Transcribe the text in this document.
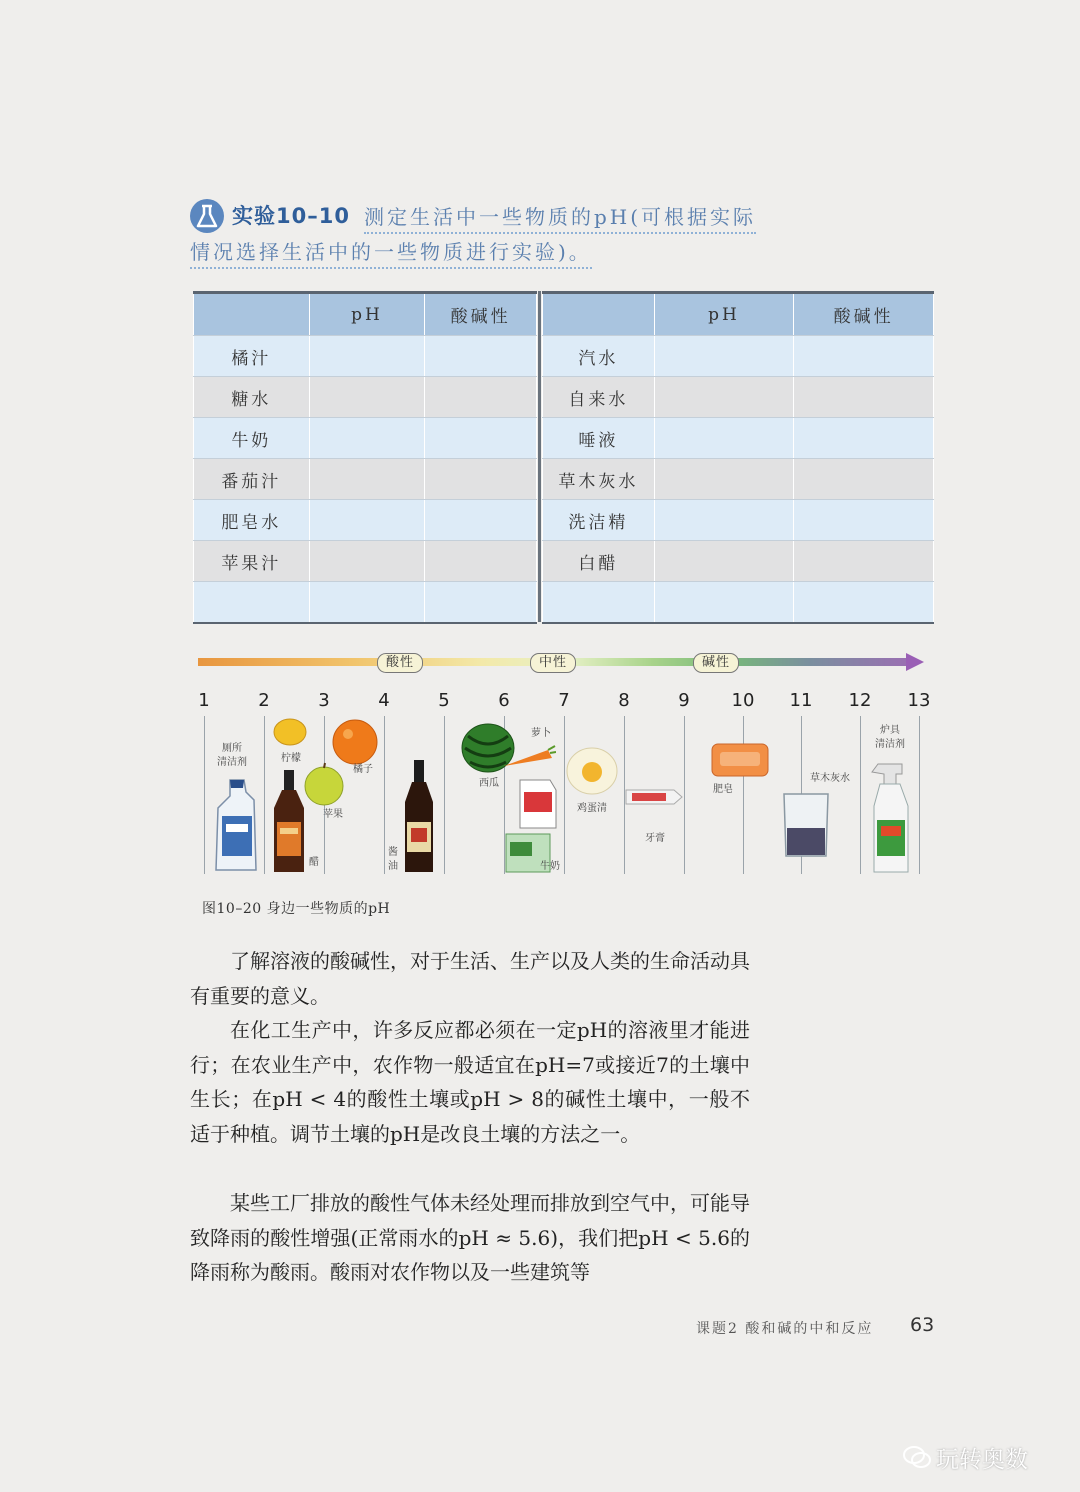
实验10–10 测定生活中一些物质的pH(可根据实际
情况选择生活中的一些物质进行实验)。
	pH	酸碱性
橘汁		
糖水		
牛奶		
番茄汁		
肥皂水		
苹果汁		

	pH	酸碱性
汽水		
自来水		
唾液		
草木灰水		
洗洁精		
白醋		

酸性	中性	碱性
1	2	3	4	5	6	7	8	9	10 11 12 13
厕所
清洁剂	柠檬
醋
苹果
橘子
酱
油
西瓜
萝卜
牛奶
鸡蛋清
牙膏
肥皂
草木灰水
炉具
清洁剂
图10–20 身边一些物质的pH

了解溶液的酸碱性，对于生活、生产以及人类的生命活动具有重要的意义。

在化工生产中，许多反应都必须在一定pH的溶液里才能进行；在农业生产中，农作物一般适宜在pH=7或接近7的土壤中生长；在pH < 4的酸性土壤或pH > 8的碱性土壤中，一般不适于种植。调节土壤的pH是改良土壤的方法之一。

某些工厂排放的酸性气体未经处理而排放到空气中，可能导致降雨的酸性增强(正常雨水的pH ≈ 5.6)，我们把pH < 5.6的降雨称为酸雨。酸雨对农作物以及一些建筑等

课题2 酸和碱的中和反应 63
玩转奥数
